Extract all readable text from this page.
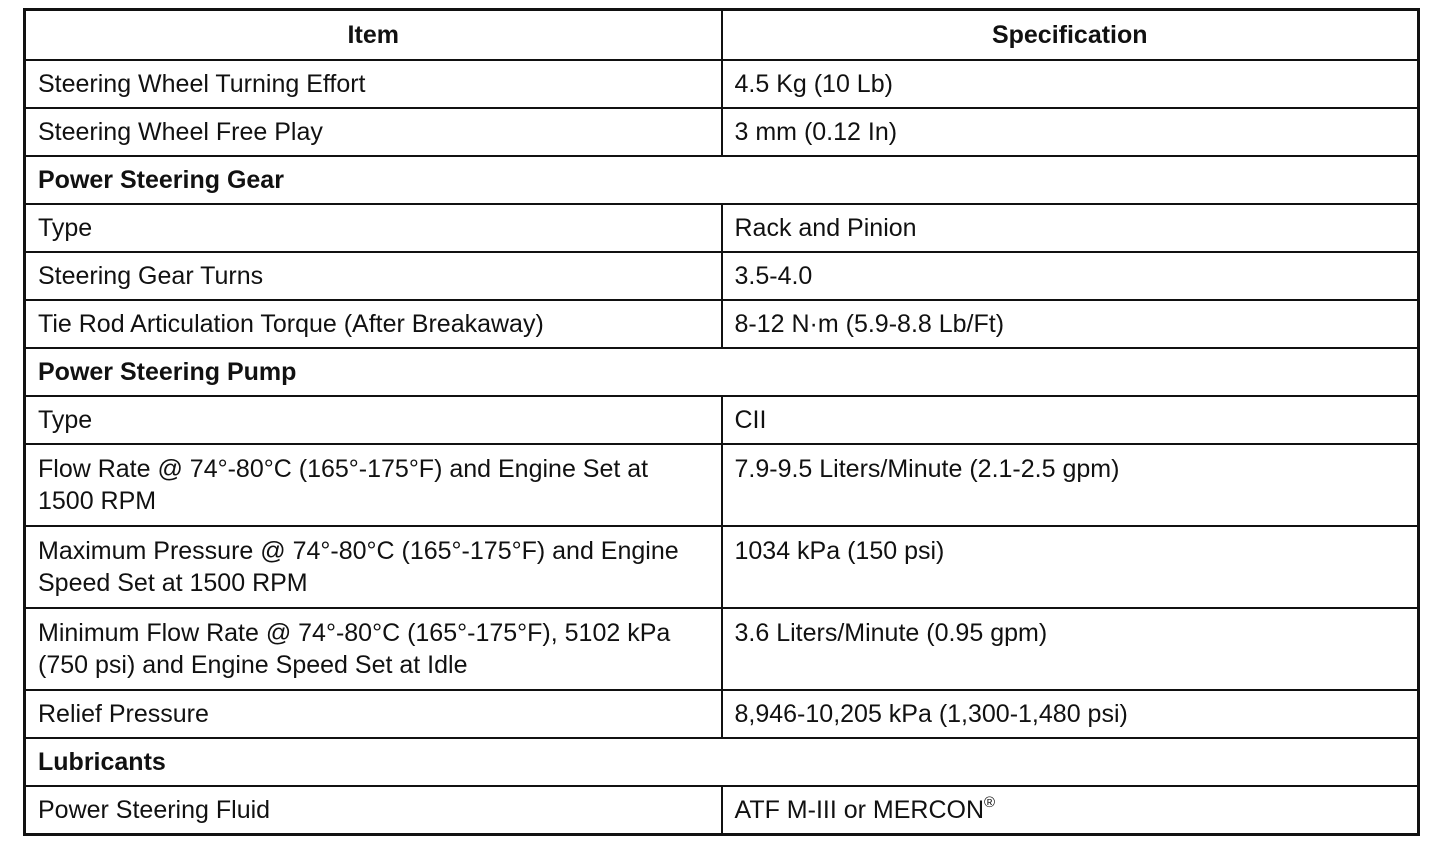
Item	Specification
Steering Wheel Turning Effort	4.5 Kg (10 Lb)
Steering Wheel Free Play	3 mm (0.12 In)
Power Steering Gear	
Type	Rack and Pinion
Steering Gear Turns	3.5-4.0
Tie Rod Articulation Torque (After Breakaway)	8-12 N·m (5.9-8.8 Lb/Ft)
Power Steering Pump	
Type	CII
Flow Rate @ 74°-80°C (165°-175°F) and Engine Set at 1500 RPM	7.9-9.5 Liters/Minute (2.1-2.5 gpm)
Maximum Pressure @ 74°-80°C (165°-175°F) and Engine Speed Set at 1500 RPM	1034 kPa (150 psi)
Minimum Flow Rate @ 74°-80°C (165°-175°F), 5102 kPa (750 psi) and Engine Speed Set at Idle	3.6 Liters/Minute (0.95 gpm)
Relief Pressure	8,946-10,205 kPa (1,300-1,480 psi)
Lubricants	
Power Steering Fluid	ATF M-III or MERCON®
